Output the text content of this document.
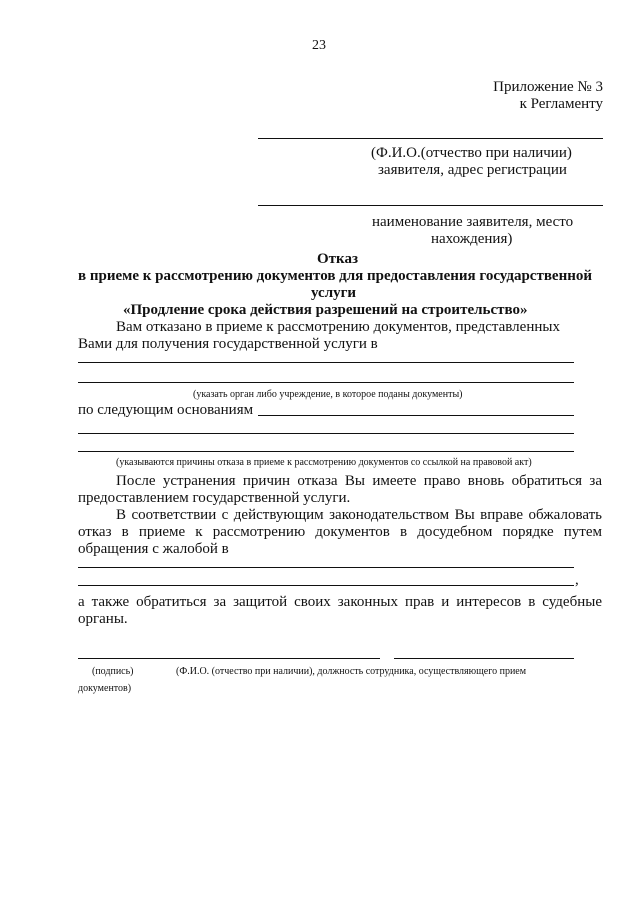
23
Приложение № 3
к Регламенту
(Ф.И.О.(отчество при наличии)
заявителя, адрес регистрации
наименование заявителя, место
нахождения)
Отказ
в приеме к рассмотрению документов для предоставления государственной
услуги
«Продление срока действия разрешений на строительство»
Вам отказано в приеме к рассмотрению документов, представленных
Вами для получения государственной услуги в
(указать орган либо учреждение, в которое поданы документы)
по следующим основаниям
(указываются причины отказа в приеме к рассмотрению документов со ссылкой на правовой акт)
После устранения причин отказа Вы имеете право вновь обратиться за
предоставлением государственной услуги.
В соответствии с действующим законодательством Вы вправе обжаловать
отказ в приеме к рассмотрению документов в досудебном порядке путем
обращения с жалобой в
,
а также обратиться за защитой своих законных прав и интересов в судебные
органы.
(подпись)	(Ф.И.О. (отчество при наличии), должность сотрудника, осуществляющего прием
документов)
